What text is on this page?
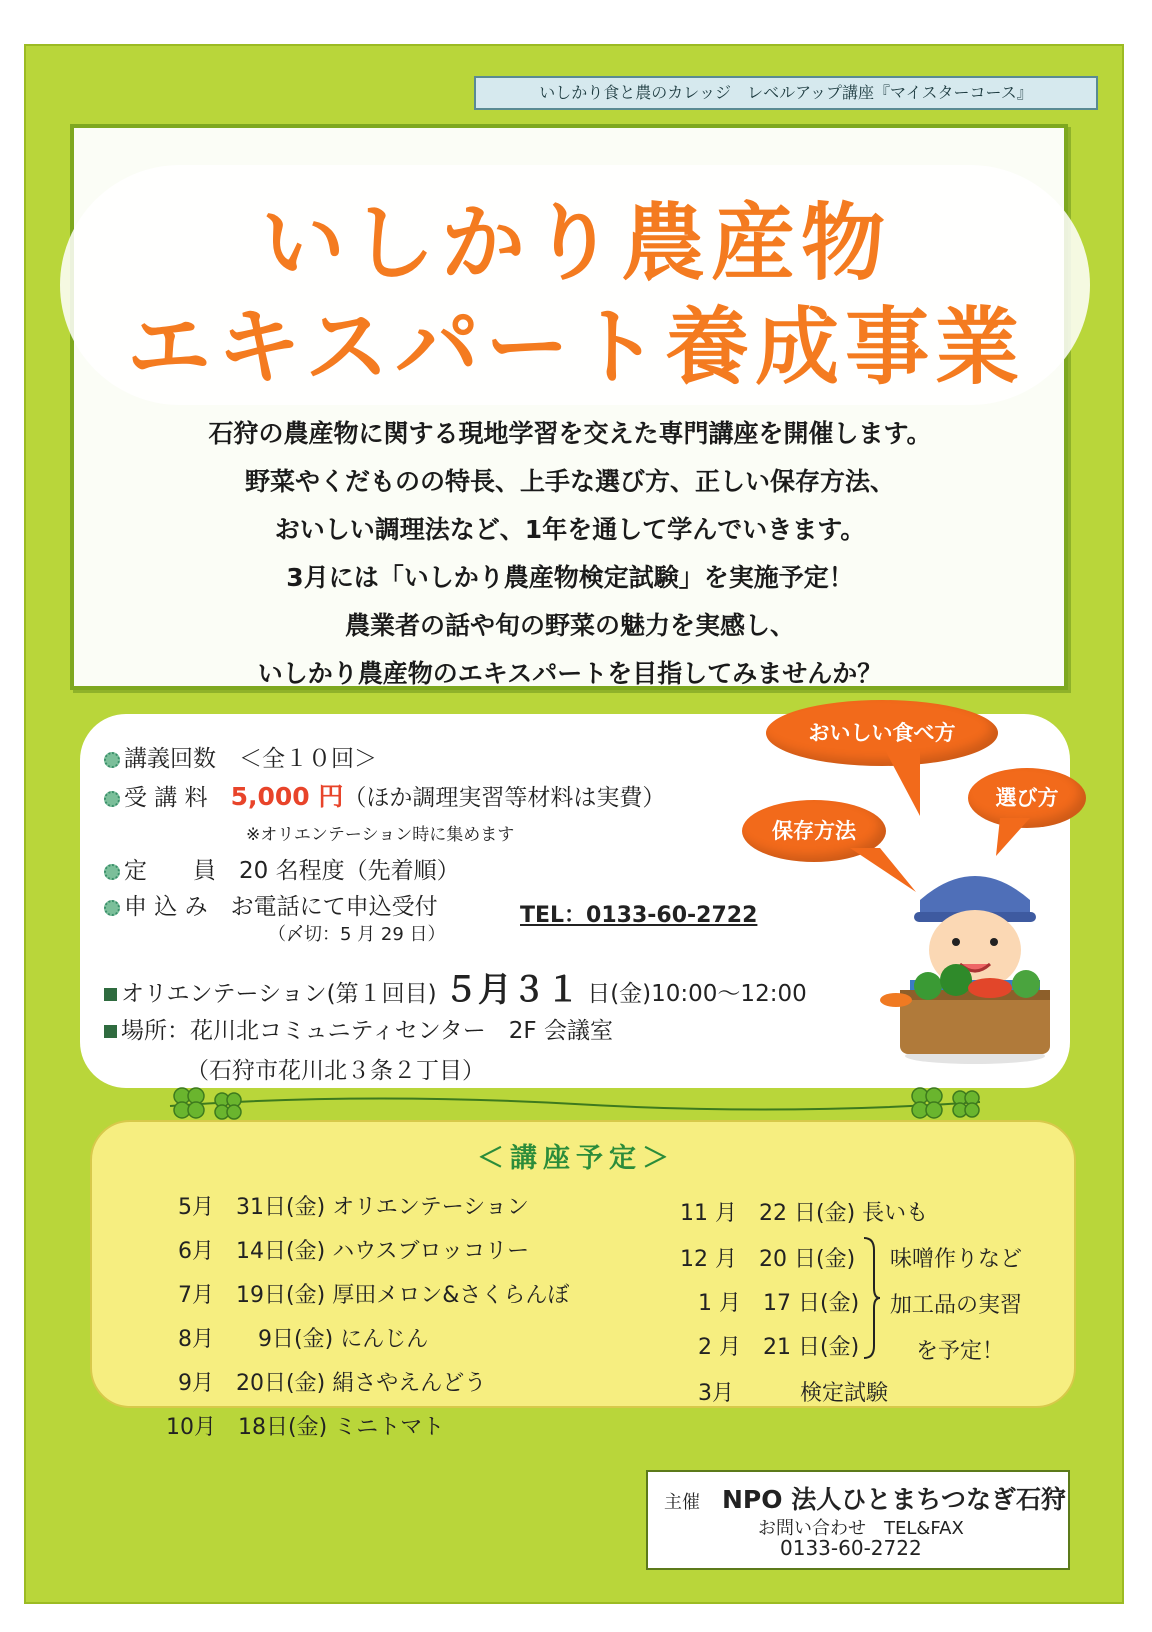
いしかり食と農のカレッジ　レベルアップ講座『マイスターコース』
いしかり農産物
エキスパート養成事業

石狩の農産物に関する現地学習を交えた専門講座を開催します。

野菜やくだものの特長、上手な選び方、正しい保存方法、

おいしい調理法など、1年を通して学んでいきます。

3月には「いしかり農産物検定試験」を実施予定！

農業者の話や旬の野菜の魅力を実感し、

いしかり農産物のエキスパートを目指してみませんか？

講義回数　 ＜全１０回＞
受 講 料　 5,000 円（ほか調理実習等材料は実費）
※オリエンテーション時に集めます
定　　員　 20 名程度（先着順）
申 込 み　 お電話にて申込受付
（〆切：5 月 29 日）
TEL：0133-60-2722
オリエンテーション(第１回目) ５月３１ 日(金)10:00～12:00
場所：花川北コミュニティセンター　2F 会議室
（石狩市花川北３条２丁目）
おいしい食べ方
選び方
保存方法
＜講座予定＞
5月　 31日(金) オリエンテーション
6月　 14日(金) ハウスブロッコリー
7月　 19日(金) 厚田メロン&さくらんぼ
8月　　 9日(金) にんじん
9月　 20日(金) 絹さやえんどう
10月　 18日(金) ミニトマト
11 月　 22 日(金) 長いも
12 月　 20 日(金)
1 月　 17 日(金)
2 月　 21 日(金)
3月　　　	検定試験
味噌作りなど
加工品の実習
を予定！
主催 NPO 法人ひとまちつなぎ石狩
お問い合わせ　TEL&FAX
0133-60-2722
